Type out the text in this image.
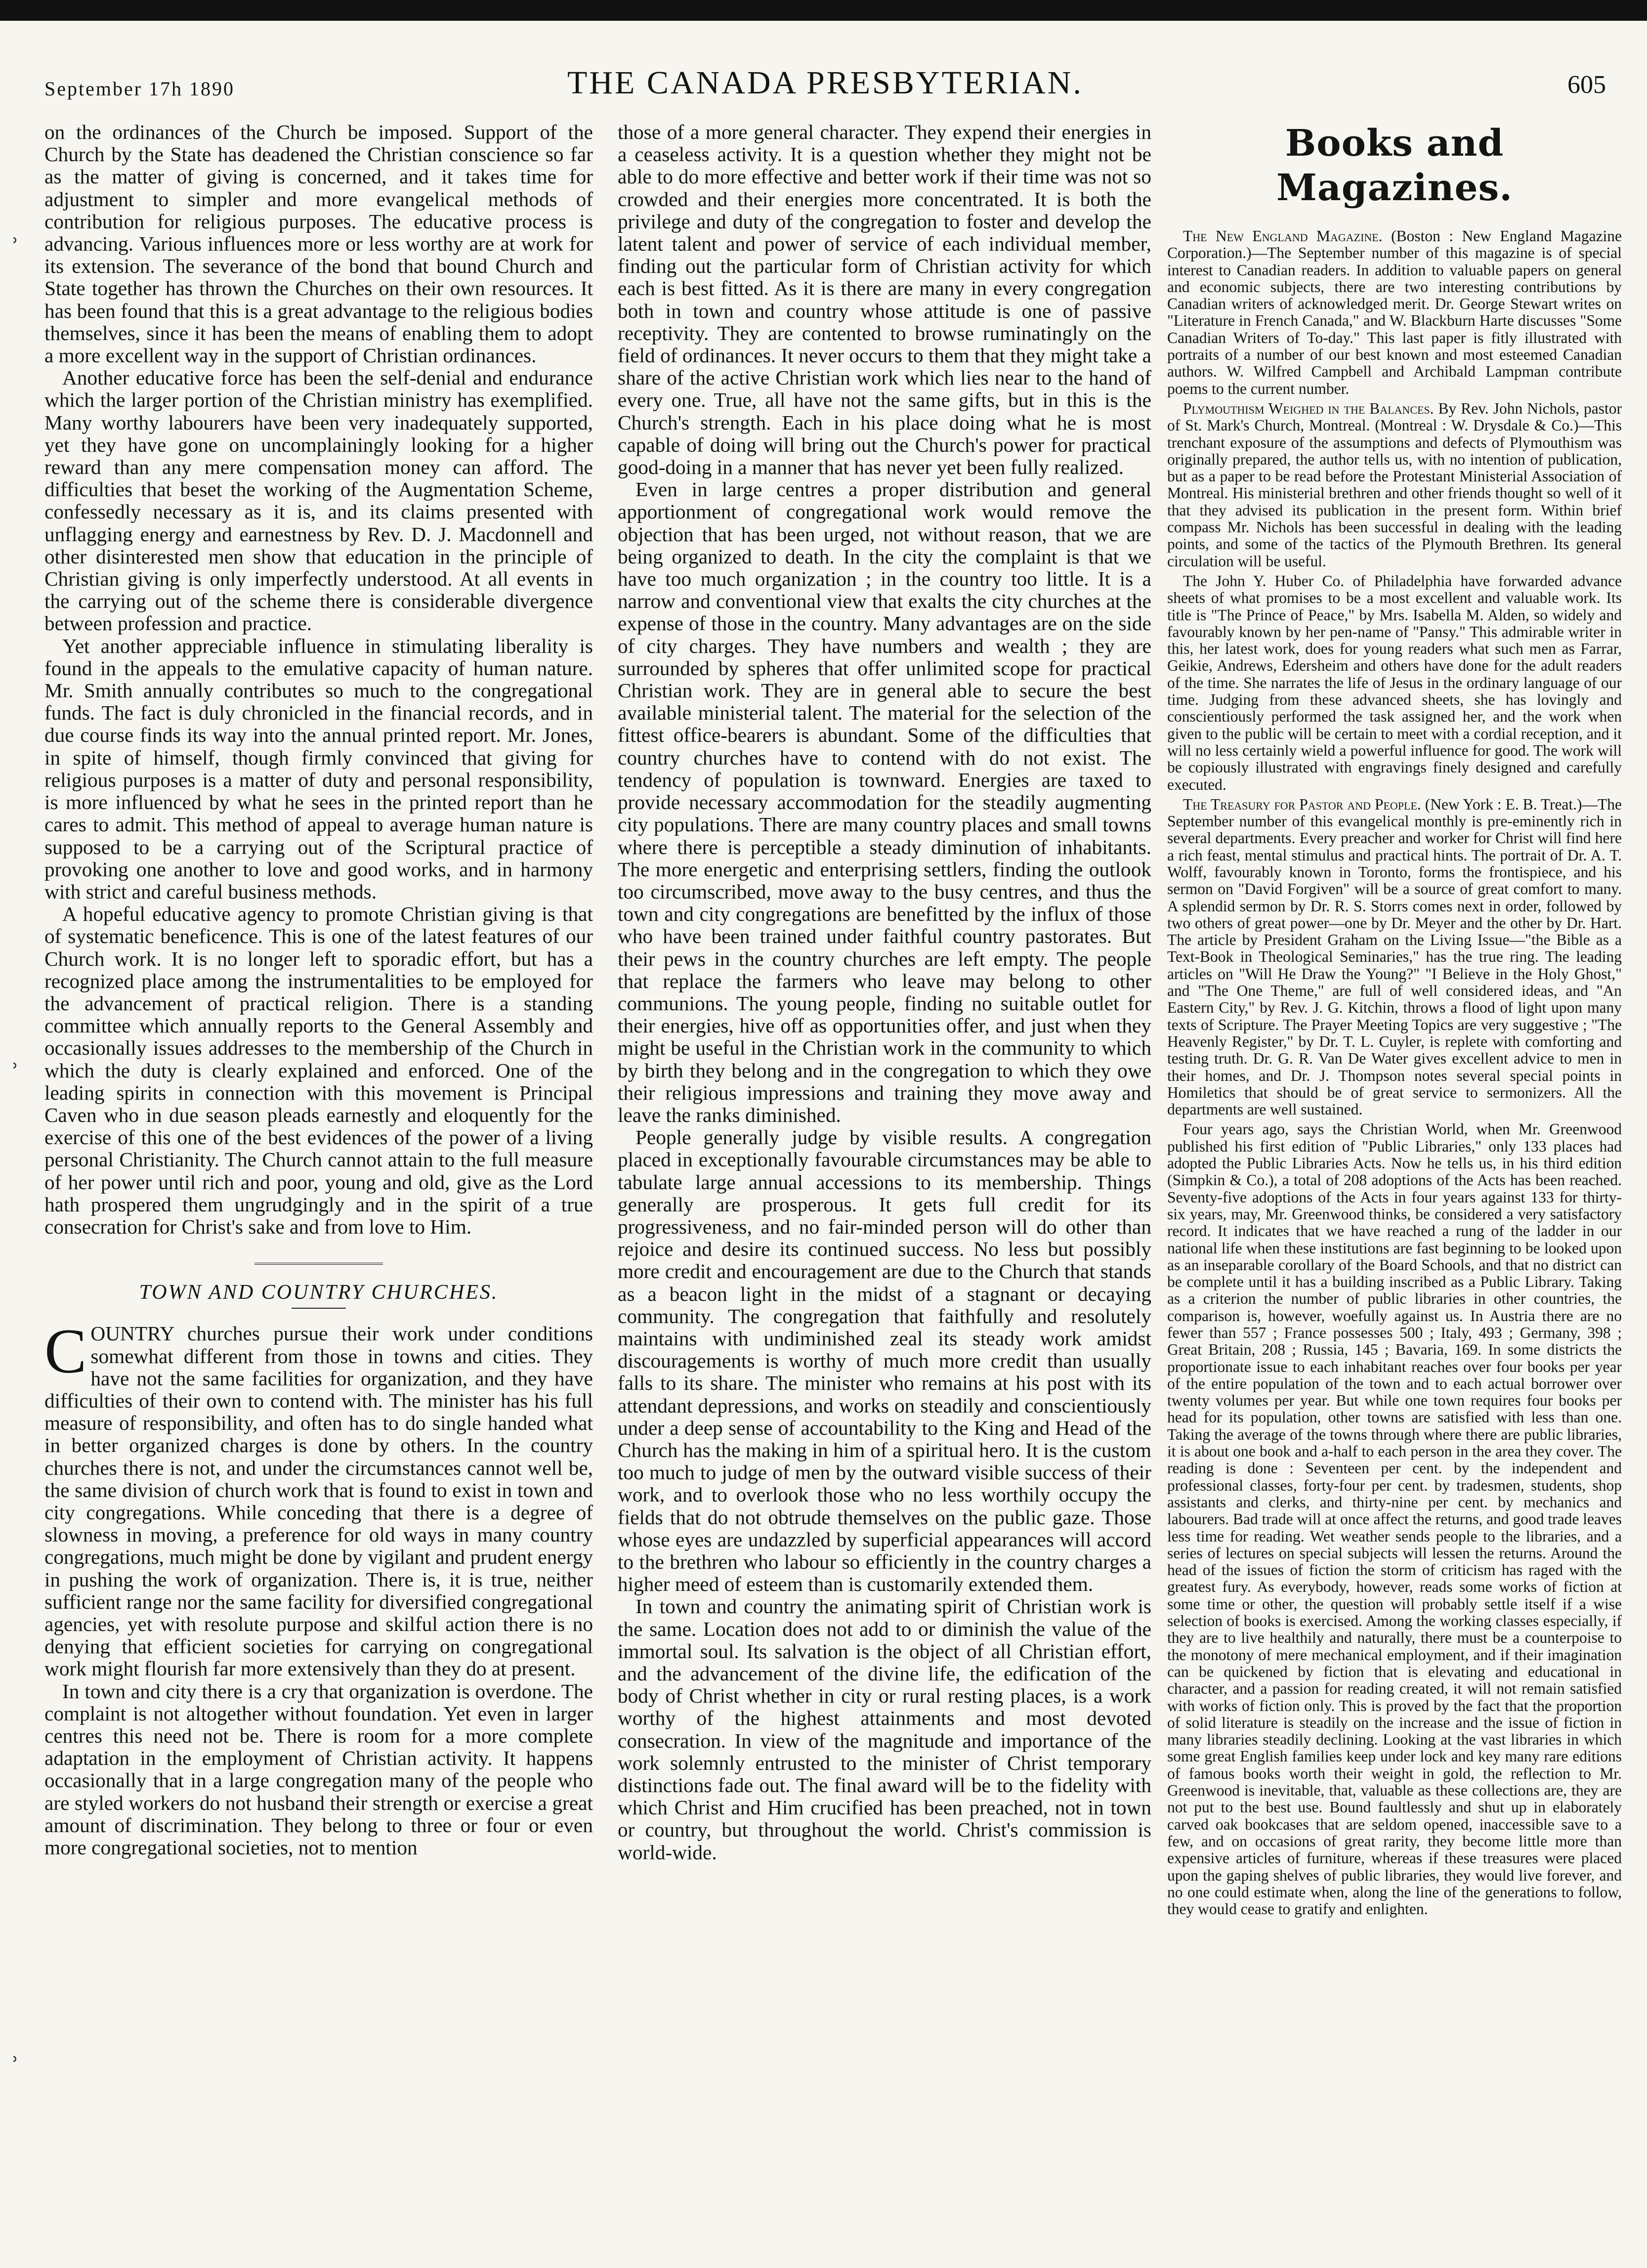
ʾ
ʾ
ʾ
September 17h 1890	THE CANADA PRESBYTERIAN.	605

on the ordinances of the Church be imposed. Support of the Church by the State has deadened the Christian conscience so far as the matter of giving is concerned, and it takes time for adjustment to simpler and more evangelical methods of contribution for religious purposes. The educative process is advancing. Various influences more or less worthy are at work for its extension. The severance of the bond that bound Church and State together has thrown the Churches on their own resources. It has been found that this is a great advantage to the religious bodies themselves, since it has been the means of enabling them to adopt a more excellent way in the support of Christian ordinances.

Another educative force has been the self-denial and endurance which the larger portion of the Christian ministry has exemplified. Many worthy labourers have been very inadequately supported, yet they have gone on uncomplainingly looking for a higher reward than any mere compensation money can afford. The difficulties that beset the working of the Augmentation Scheme, confessedly necessary as it is, and its claims presented with unflagging energy and earnestness by Rev. D. J. Macdonnell and other disinterested men show that education in the principle of Christian giving is only imperfectly understood. At all events in the carrying out of the scheme there is considerable divergence between profession and practice.

Yet another appreciable influence in stimulating liberality is found in the appeals to the emulative capacity of human nature. Mr. Smith annually contributes so much to the congregational funds. The fact is duly chronicled in the financial records, and in due course finds its way into the annual printed report. Mr. Jones, in spite of himself, though firmly convinced that giving for religious purposes is a matter of duty and personal responsibility, is more influenced by what he sees in the printed report than he cares to admit. This method of appeal to average human nature is supposed to be a carrying out of the Scriptural practice of provoking one another to love and good works, and in harmony with strict and careful business methods.

A hopeful educative agency to promote Christian giving is that of systematic beneficence. This is one of the latest features of our Church work. It is no longer left to sporadic effort, but has a recognized place among the instrumentalities to be employed for the advancement of practical religion. There is a standing committee which annually reports to the General Assembly and occasionally issues addresses to the membership of the Church in which the duty is clearly explained and enforced. One of the leading spirits in connection with this movement is Principal Caven who in due season pleads earnestly and eloquently for the exercise of this one of the best evidences of the power of a living personal Christianity. The Church cannot attain to the full measure of her power until rich and poor, young and old, give as the Lord hath prospered them ungrudgingly and in the spirit of a true consecration for Christ's sake and from love to Him.

TOWN AND COUNTRY CHURCHES.

COUNTRY churches pursue their work under conditions somewhat different from those in towns and cities. They have not the same facilities for organization, and they have difficulties of their own to contend with. The minister has his full measure of responsibility, and often has to do single handed what in better organized charges is done by others. In the country churches there is not, and under the circumstances cannot well be, the same division of church work that is found to exist in town and city congregations. While conceding that there is a degree of slowness in moving, a preference for old ways in many country congregations, much might be done by vigilant and prudent energy in pushing the work of organization. There is, it is true, neither sufficient range nor the same facility for diversified congregational agencies, yet with resolute purpose and skilful action there is no denying that efficient societies for carrying on congregational work might flourish far more extensively than they do at present.

In town and city there is a cry that organization is overdone. The complaint is not altogether without foundation. Yet even in larger centres this need not be. There is room for a more complete adaptation in the employment of Christian activity. It happens occasionally that in a large congregation many of the people who are styled workers do not husband their strength or exercise a great amount of discrimination. They belong to three or four or even more congregational societies, not to mention

those of a more general character. They expend their energies in a ceaseless activity. It is a question whether they might not be able to do more effective and better work if their time was not so crowded and their energies more concentrated. It is both the privilege and duty of the congregation to foster and develop the latent talent and power of service of each individual member, finding out the particular form of Christian activity for which each is best fitted. As it is there are many in every congregation both in town and country whose attitude is one of passive receptivity. They are contented to browse ruminatingly on the field of ordinances. It never occurs to them that they might take a share of the active Christian work which lies near to the hand of every one. True, all have not the same gifts, but in this is the Church's strength. Each in his place doing what he is most capable of doing will bring out the Church's power for practical good-doing in a manner that has never yet been fully realized.

Even in large centres a proper distribution and general apportionment of congregational work would remove the objection that has been urged, not without reason, that we are being organized to death. In the city the complaint is that we have too much organization ; in the country too little. It is a narrow and conventional view that exalts the city churches at the expense of those in the country. Many advantages are on the side of city charges. They have numbers and wealth ; they are surrounded by spheres that offer unlimited scope for practical Christian work. They are in general able to secure the best available ministerial talent. The material for the selection of the fittest office-bearers is abundant. Some of the difficulties that country churches have to contend with do not exist. The tendency of population is townward. Energies are taxed to provide necessary accommodation for the steadily augmenting city populations. There are many country places and small towns where there is perceptible a steady diminution of inhabitants. The more energetic and enterprising settlers, finding the outlook too circumscribed, move away to the busy centres, and thus the town and city congregations are benefitted by the influx of those who have been trained under faithful country pastorates. But their pews in the country churches are left empty. The people that replace the farmers who leave may belong to other communions. The young people, finding no suitable outlet for their energies, hive off as opportunities offer, and just when they might be useful in the Christian work in the community to which by birth they belong and in the congregation to which they owe their religious impressions and training they move away and leave the ranks diminished.

People generally judge by visible results. A congregation placed in exceptionally favourable circumstances may be able to tabulate large annual accessions to its membership. Things generally are prosperous. It gets full credit for its progressiveness, and no fair-minded person will do other than rejoice and desire its continued success. No less but possibly more credit and encouragement are due to the Church that stands as a beacon light in the midst of a stagnant or decaying community. The congregation that faithfully and resolutely maintains with undiminished zeal its steady work amidst discouragements is worthy of much more credit than usually falls to its share. The minister who remains at his post with its attendant depressions, and works on steadily and conscientiously under a deep sense of accountability to the King and Head of the Church has the making in him of a spiritual hero. It is the custom too much to judge of men by the outward visible success of their work, and to overlook those who no less worthily occupy the fields that do not obtrude themselves on the public gaze. Those whose eyes are undazzled by superficial appearances will accord to the brethren who labour so efficiently in the country charges a higher meed of esteem than is customarily extended them.

In town and country the animating spirit of Christian work is the same. Location does not add to or diminish the value of the immortal soul. Its salvation is the object of all Christian effort, and the advancement of the divine life, the edification of the body of Christ whether in city or rural resting places, is a work worthy of the highest attainments and most devoted consecration. In view of the magnitude and importance of the work solemnly entrusted to the minister of Christ temporary distinctions fade out. The final award will be to the fidelity with which Christ and Him crucified has been preached, not in town or country, but throughout the world. Christ's commission is world-wide.

Books and Magazines.

The New England Magazine. (Boston : New England Magazine Corporation.)—The September number of this magazine is of special interest to Canadian readers. In addition to valuable papers on general and economic subjects, there are two interesting contributions by Canadian writers of acknowledged merit. Dr. George Stewart writes on "Literature in French Canada," and W. Blackburn Harte discusses "Some Canadian Writers of To-day." This last paper is fitly illustrated with portraits of a number of our best known and most esteemed Canadian authors. W. Wilfred Campbell and Archibald Lampman contribute poems to the current number.

Plymouthism Weighed in the Balances. By Rev. John Nichols, pastor of St. Mark's Church, Montreal. (Montreal : W. Drysdale & Co.)—This trenchant exposure of the assumptions and defects of Plymouthism was originally prepared, the author tells us, with no intention of publication, but as a paper to be read before the Protestant Ministerial Association of Montreal. His ministerial brethren and other friends thought so well of it that they advised its publication in the present form. Within brief compass Mr. Nichols has been successful in dealing with the leading points, and some of the tactics of the Plymouth Brethren. Its general circulation will be useful.

The John Y. Huber Co. of Philadelphia have forwarded advance sheets of what promises to be a most excellent and valuable work. Its title is "The Prince of Peace," by Mrs. Isabella M. Alden, so widely and favourably known by her pen-name of "Pansy." This admirable writer in this, her latest work, does for young readers what such men as Farrar, Geikie, Andrews, Edersheim and others have done for the adult readers of the time. She narrates the life of Jesus in the ordinary language of our time. Judging from these advanced sheets, she has lovingly and conscientiously performed the task assigned her, and the work when given to the public will be certain to meet with a cordial reception, and it will no less certainly wield a powerful influence for good. The work will be copiously illustrated with engravings finely designed and carefully executed.

The Treasury for Pastor and People. (New York : E. B. Treat.)—The September number of this evangelical monthly is pre-eminently rich in several departments. Every preacher and worker for Christ will find here a rich feast, mental stimulus and practical hints. The portrait of Dr. A. T. Wolff, favourably known in Toronto, forms the frontispiece, and his sermon on "David Forgiven" will be a source of great comfort to many. A splendid sermon by Dr. R. S. Storrs comes next in order, followed by two others of great power—one by Dr. Meyer and the other by Dr. Hart. The article by President Graham on the Living Issue—"the Bible as a Text-Book in Theological Seminaries," has the true ring. The leading articles on "Will He Draw the Young?" "I Believe in the Holy Ghost," and "The One Theme," are full of well considered ideas, and "An Eastern City," by Rev. J. G. Kitchin, throws a flood of light upon many texts of Scripture. The Prayer Meeting Topics are very suggestive ; "The Heavenly Register," by Dr. T. L. Cuyler, is replete with comforting and testing truth. Dr. G. R. Van De Water gives excellent advice to men in their homes, and Dr. J. Thompson notes several special points in Homiletics that should be of great service to sermonizers. All the departments are well sustained.

Four years ago, says the Christian World, when Mr. Greenwood published his first edition of "Public Libraries," only 133 places had adopted the Public Libraries Acts. Now he tells us, in his third edition (Simpkin & Co.), a total of 208 adoptions of the Acts has been reached. Seventy-five adoptions of the Acts in four years against 133 for thirty-six years, may, Mr. Greenwood thinks, be considered a very satisfactory record. It indicates that we have reached a rung of the ladder in our national life when these institutions are fast beginning to be looked upon as an inseparable corollary of the Board Schools, and that no district can be complete until it has a building inscribed as a Public Library. Taking as a criterion the number of public libraries in other countries, the comparison is, however, woefully against us. In Austria there are no fewer than 557 ; France possesses 500 ; Italy, 493 ; Germany, 398 ; Great Britain, 208 ; Russia, 145 ; Bavaria, 169. In some districts the proportionate issue to each inhabitant reaches over four books per year of the entire population of the town and to each actual borrower over twenty volumes per year. But while one town requires four books per head for its population, other towns are satisfied with less than one. Taking the average of the towns through where there are public libraries, it is about one book and a-half to each person in the area they cover. The reading is done : Seventeen per cent. by the independent and professional classes, forty-four per cent. by tradesmen, students, shop assistants and clerks, and thirty-nine per cent. by mechanics and labourers. Bad trade will at once affect the returns, and good trade leaves less time for reading. Wet weather sends people to the libraries, and a series of lectures on special subjects will lessen the returns. Around the head of the issues of fiction the storm of criticism has raged with the greatest fury. As everybody, however, reads some works of fiction at some time or other, the question will probably settle itself if a wise selection of books is exercised. Among the working classes especially, if they are to live healthily and naturally, there must be a counterpoise to the monotony of mere mechanical employment, and if their imagination can be quickened by fiction that is elevating and educational in character, and a passion for reading created, it will not remain satisfied with works of fiction only. This is proved by the fact that the proportion of solid literature is steadily on the increase and the issue of fiction in many libraries steadily declining. Looking at the vast libraries in which some great English families keep under lock and key many rare editions of famous books worth their weight in gold, the reflection to Mr. Greenwood is inevitable, that, valuable as these collections are, they are not put to the best use. Bound faultlessly and shut up in elaborately carved oak bookcases that are seldom opened, inaccessible save to a few, and on occasions of great rarity, they become little more than expensive articles of furniture, whereas if these treasures were placed upon the gaping shelves of public libraries, they would live forever, and no one could estimate when, along the line of the generations to follow, they would cease to gratify and enlighten.
